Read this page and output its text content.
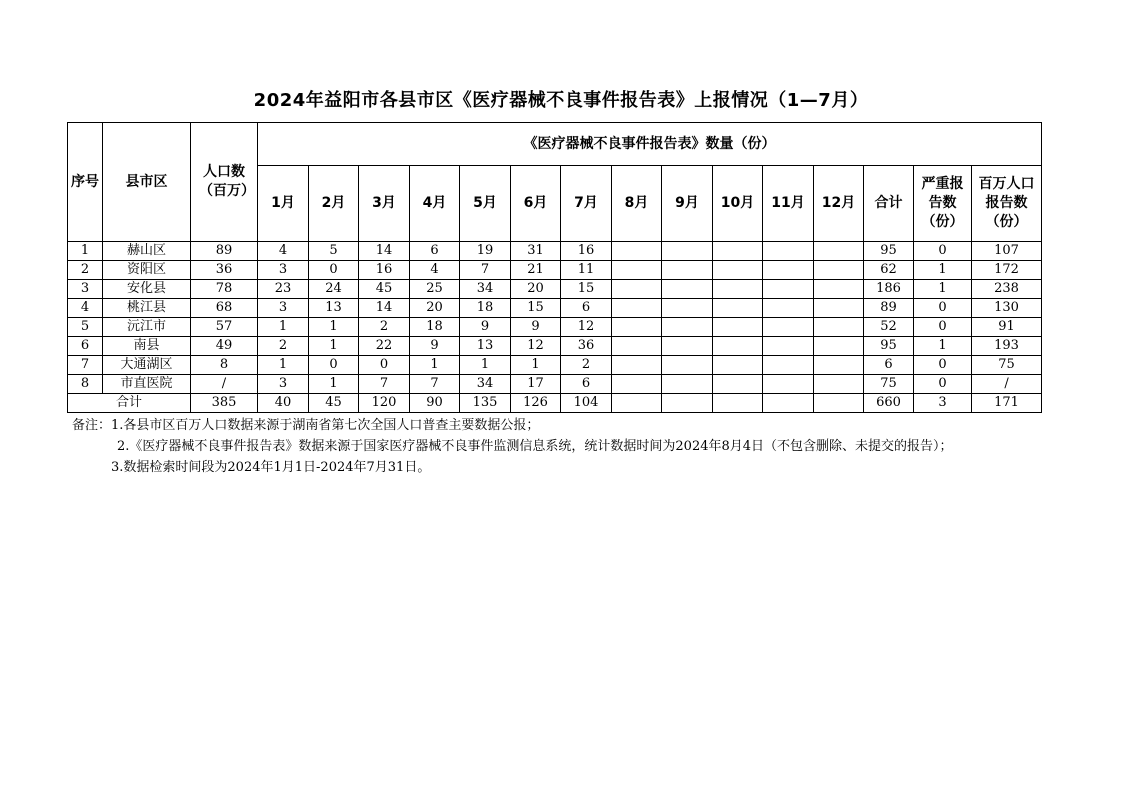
2024年益阳市各县市区《医疗器械不良事件报告表》上报情况（1—7月）
序号	县市区	人口数（百万）	《医疗器械不良事件报告表》数量（份）														
			1月	2月	3月	4月	5月	6月	7月	8月	9月	10月	11月	12月	合计	严重报告数（份）	百万人口报告数（份）
1	赫山区	89	4	5	14	6	19	31	16						95	0	107
2	资阳区	36	3	0	16	4	7	21	11						62	1	172
3	安化县	78	23	24	45	25	34	20	15						186	1	238
4	桃江县	68	3	13	14	20	18	15	6						89	0	130
5	沅江市	57	1	1	2	18	9	9	12						52	0	91
6	南县	49	2	1	22	9	13	12	36						95	1	193
7	大通湖区	8	1	0	0	1	1	1	2						6	0	75
8	市直医院	/	3	1	7	7	34	17	6						75	0	/
合计		385	40	45	120	90	135	126	104						660	3	171

备注：1.各县市区百万人口数据来源于湖南省第七次全国人口普查主要数据公报；

2.《医疗器械不良事件报告表》数据来源于国家医疗器械不良事件监测信息系统，统计数据时间为2024年8月4日（不包含删除、未提交的报告）；

3.数据检索时间段为2024年1月1日-2024年7月31日。
